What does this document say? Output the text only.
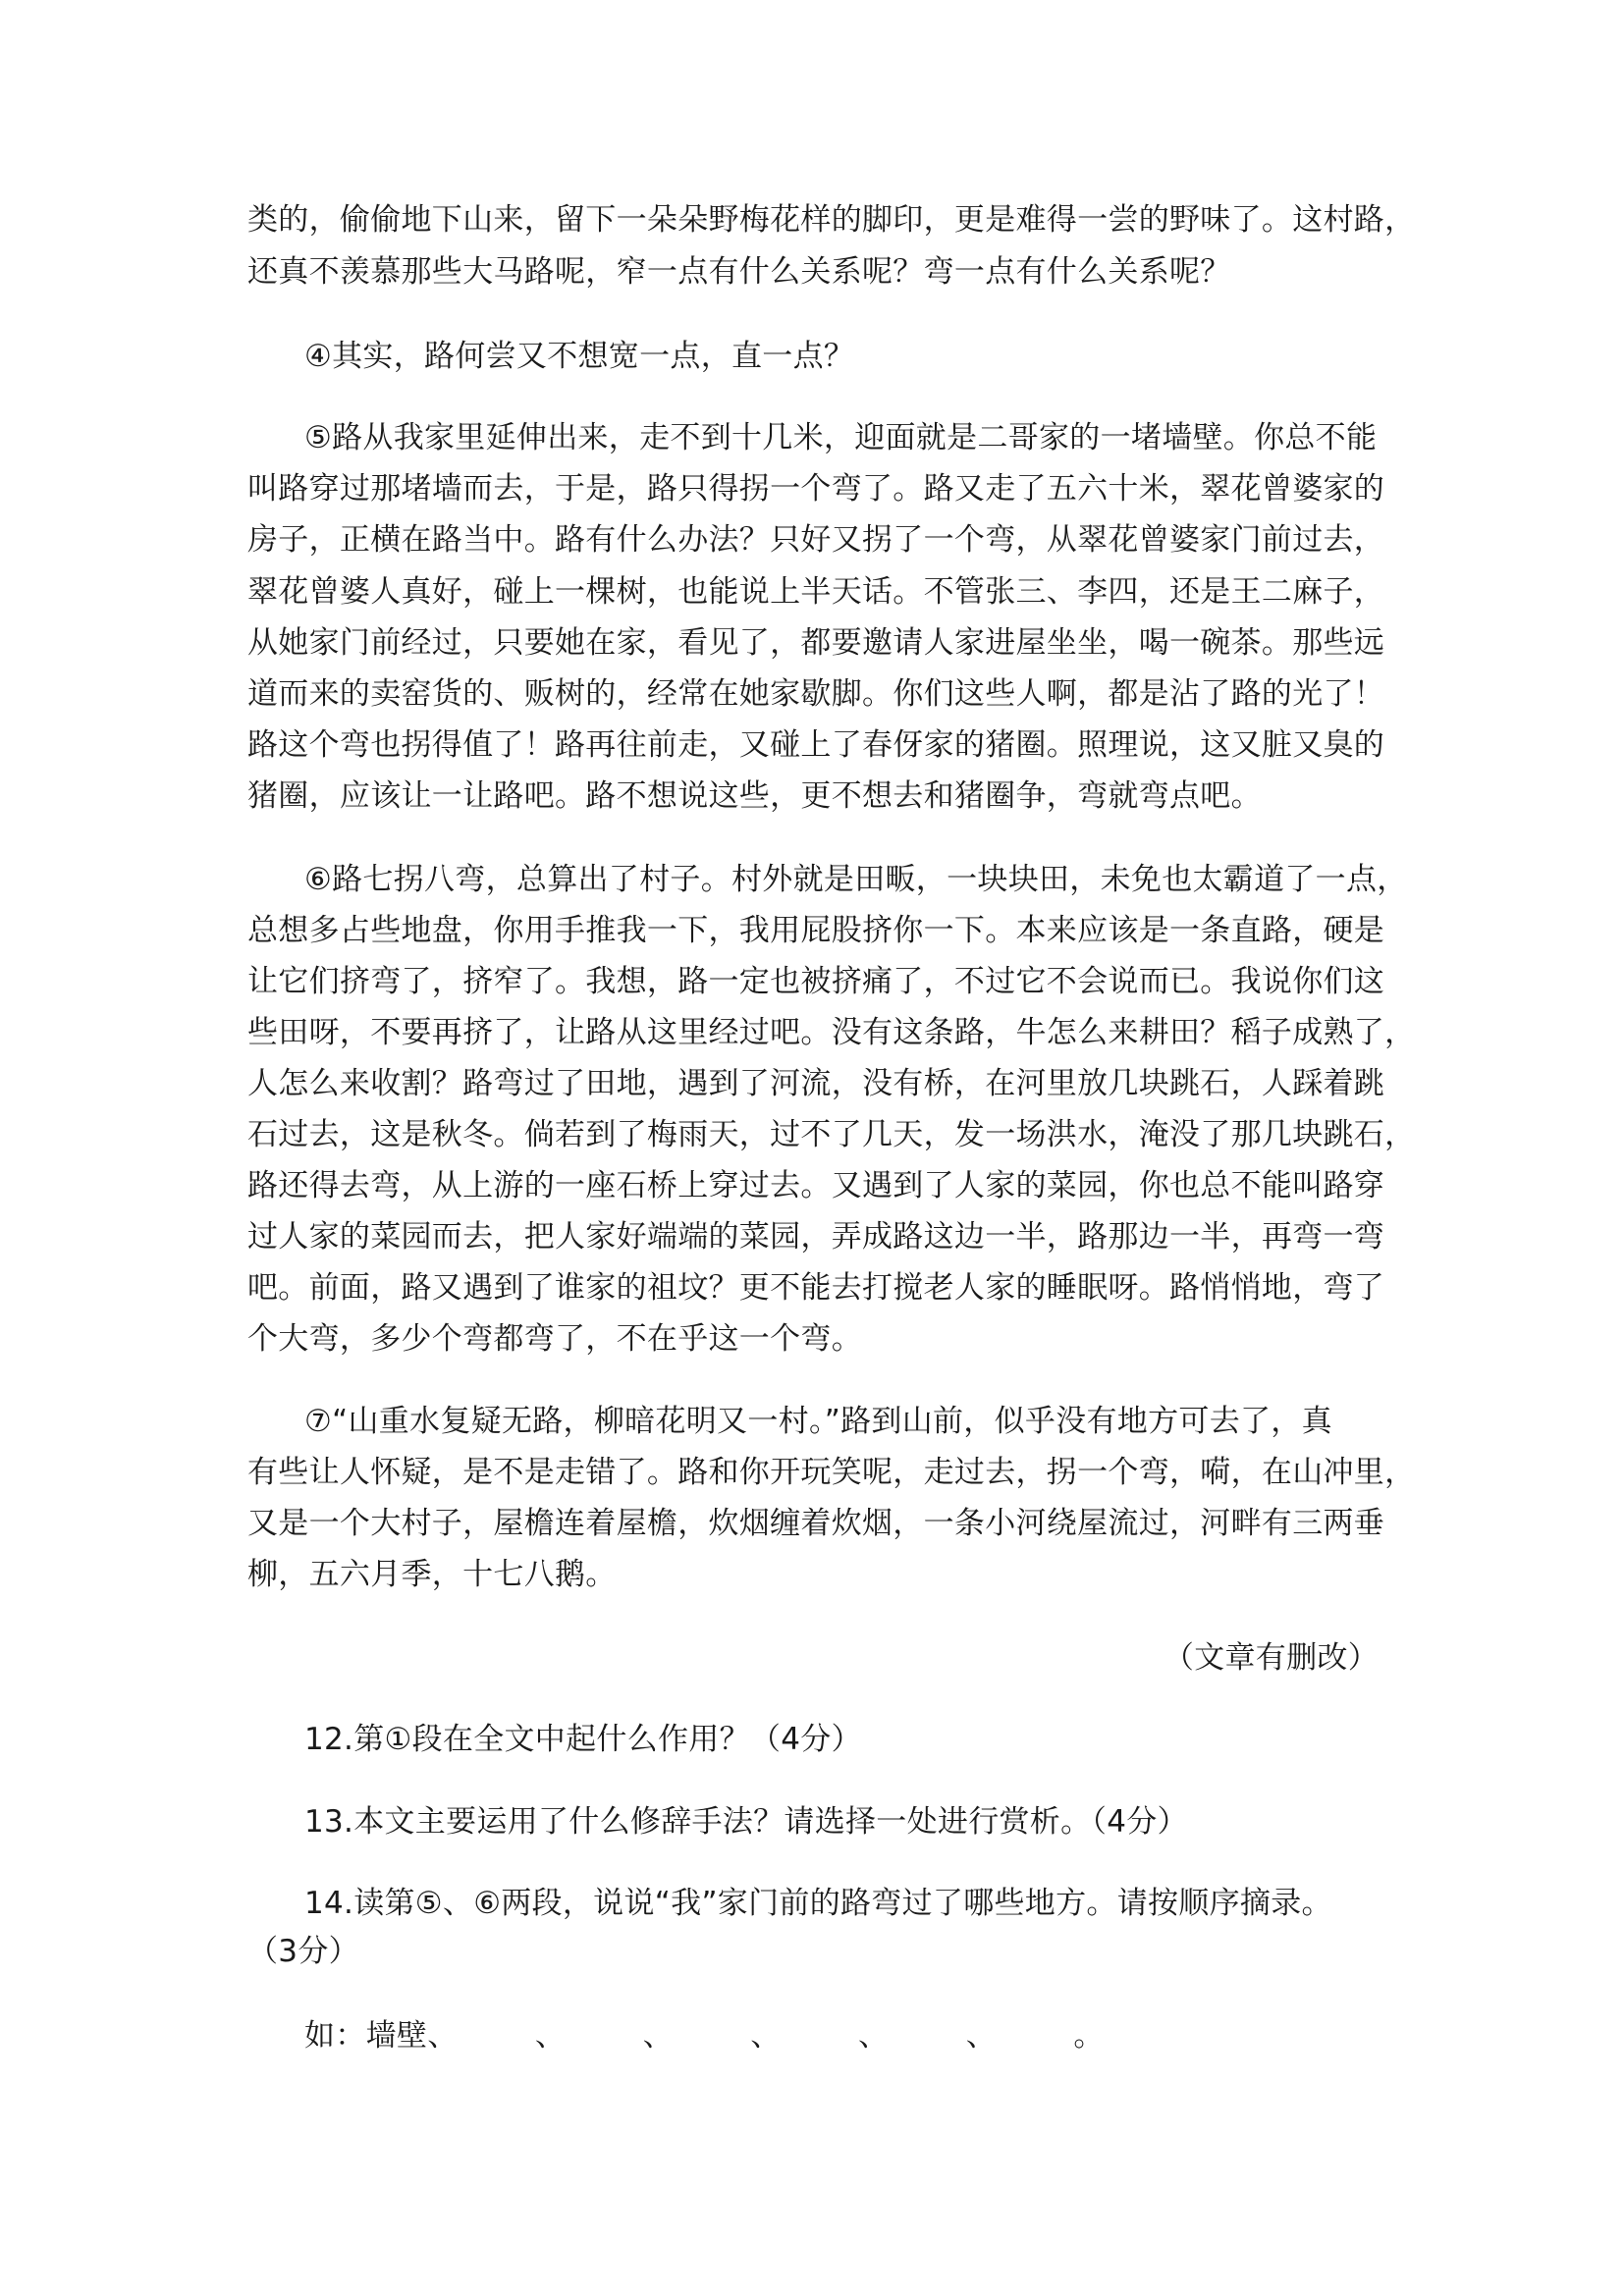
类的，偷偷地下山来，留下一朵朵野梅花样的脚印，更是难得一尝的野味了。这村路，
还真不羡慕那些大马路呢，窄一点有什么关系呢？弯一点有什么关系呢？
④其实，路何尝又不想宽一点，直一点？
⑤路从我家里延伸出来，走不到十几米，迎面就是二哥家的一堵墙壁。你总不能
叫路穿过那堵墙而去，于是，路只得拐一个弯了。路又走了五六十米，翠花曾婆家的
房子，正横在路当中。路有什么办法？只好又拐了一个弯，从翠花曾婆家门前过去，
翠花曾婆人真好，碰上一棵树，也能说上半天话。不管张三、李四，还是王二麻子，
从她家门前经过，只要她在家，看见了，都要邀请人家进屋坐坐，喝一碗茶。那些远
道而来的卖窑货的、贩树的，经常在她家歇脚。你们这些人啊，都是沾了路的光了！
路这个弯也拐得值了！路再往前走，又碰上了春伢家的猪圈。照理说，这又脏又臭的
猪圈，应该让一让路吧。路不想说这些，更不想去和猪圈争，弯就弯点吧。
⑥路七拐八弯，总算出了村子。村外就是田畈，一块块田，未免也太霸道了一点，
总想多占些地盘，你用手推我一下，我用屁股挤你一下。本来应该是一条直路，硬是
让它们挤弯了，挤窄了。我想，路一定也被挤痛了，不过它不会说而已。我说你们这
些田呀，不要再挤了，让路从这里经过吧。没有这条路，牛怎么来耕田？稻子成熟了，
人怎么来收割？路弯过了田地，遇到了河流，没有桥，在河里放几块跳石，人踩着跳
石过去，这是秋冬。倘若到了梅雨天，过不了几天，发一场洪水，淹没了那几块跳石，
路还得去弯，从上游的一座石桥上穿过去。又遇到了人家的菜园，你也总不能叫路穿
过人家的菜园而去，把人家好端端的菜园，弄成路这边一半，路那边一半，再弯一弯
吧。前面，路又遇到了谁家的祖坟？更不能去打搅老人家的睡眠呀。路悄悄地，弯了
个大弯，多少个弯都弯了，不在乎这一个弯。
⑦“山重水复疑无路，柳暗花明又一村。”路到山前，似乎没有地方可去了，真
有些让人怀疑，是不是走错了。路和你开玩笑呢，走过去，拐一个弯，嗬，在山冲里，
又是一个大村子，屋檐连着屋檐，炊烟缠着炊烟，一条小河绕屋流过，河畔有三两垂
柳，五六月季，十七八鹅。
（文章有删改）
12.第①段在全文中起什么作用？（4分）
13.本文主要运用了什么修辞手法？请选择一处进行赏析。（4分）
14.读第⑤、⑥两段，说说“我”家门前的路弯过了哪些地方。请按顺序摘录。
（3分）
如：墙壁、　　　、　　　、　　　、　　　、　　　、　　　。
